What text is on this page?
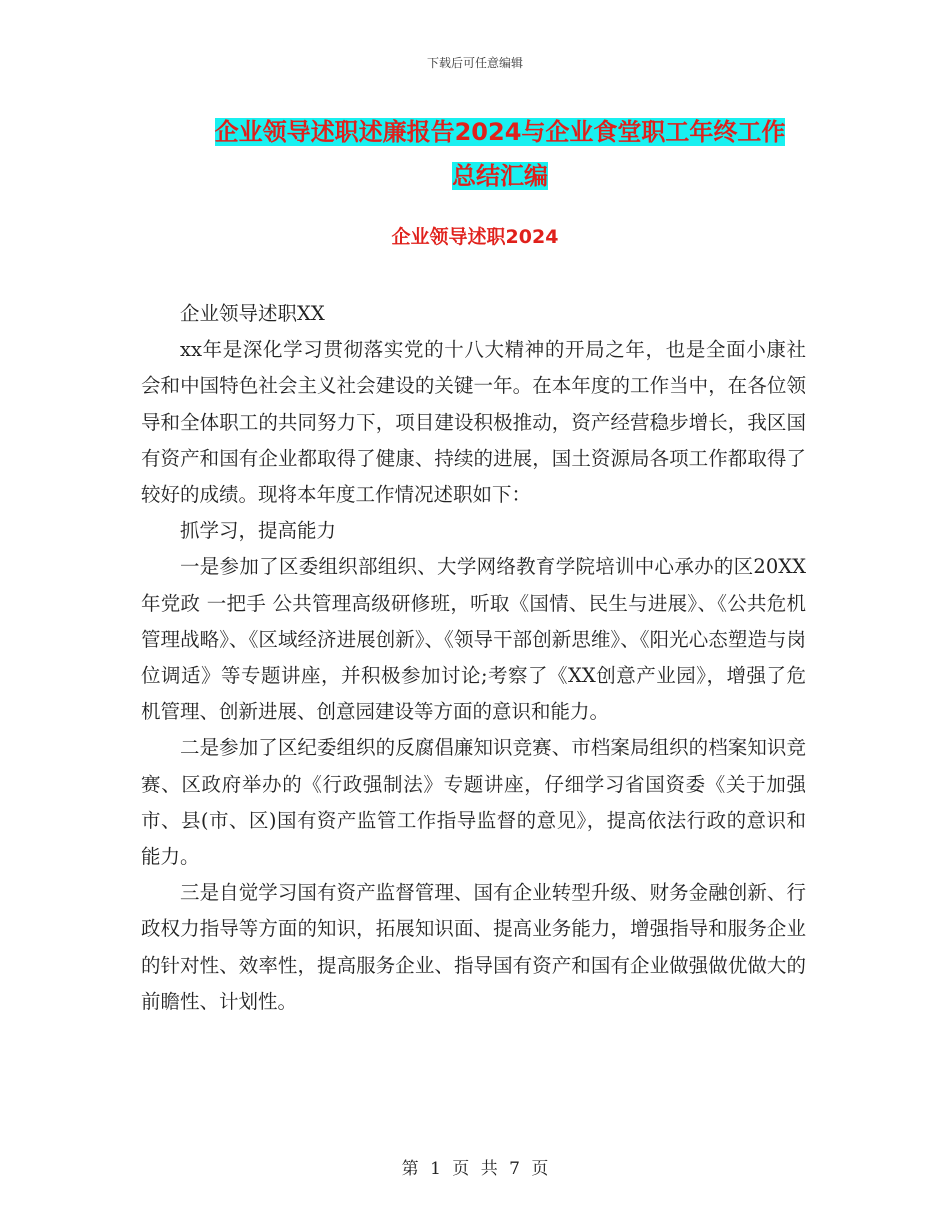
下载后可任意编辑
企业领导述职述廉报告2024与企业食堂职工年终工作
总结汇编
企业领导述职2024

企业领导述职XX

xx年是深化学习贯彻落实党的十八大精神的开局之年，也是全面小康社会和中国特色社会主义社会建设的关键一年。在本年度的工作当中，在各位领导和全体职工的共同努力下，项目建设积极推动，资产经营稳步增长，我区国有资产和国有企业都取得了健康、持续的进展，国土资源局各项工作都取得了较好的成绩。现将本年度工作情况述职如下：

抓学习，提高能力

一是参加了区委组织部组织、大学网络教育学院培训中心承办的区20XX年党政 一把手 公共管理高级研修班，听取《国情、民生与进展》、《公共危机管理战略》、《区域经济进展创新》、《领导干部创新思维》、《阳光心态塑造与岗位调适》等专题讲座，并积极参加讨论;考察了《XX创意产业园》，增强了危机管理、创新进展、创意园建设等方面的意识和能力。

二是参加了区纪委组织的反腐倡廉知识竞赛、市档案局组织的档案知识竞赛、区政府举办的《行政强制法》专题讲座，仔细学习省国资委《关于加强市、县(市、区)国有资产监管工作指导监督的意见》，提高依法行政的意识和能力。

三是自觉学习国有资产监督管理、国有企业转型升级、财务金融创新、行政权力指导等方面的知识，拓展知识面、提高业务能力，增强指导和服务企业的针对性、效率性，提高服务企业、指导国有资产和国有企业做强做优做大的前瞻性、计划性。

第 1 页 共 7 页
